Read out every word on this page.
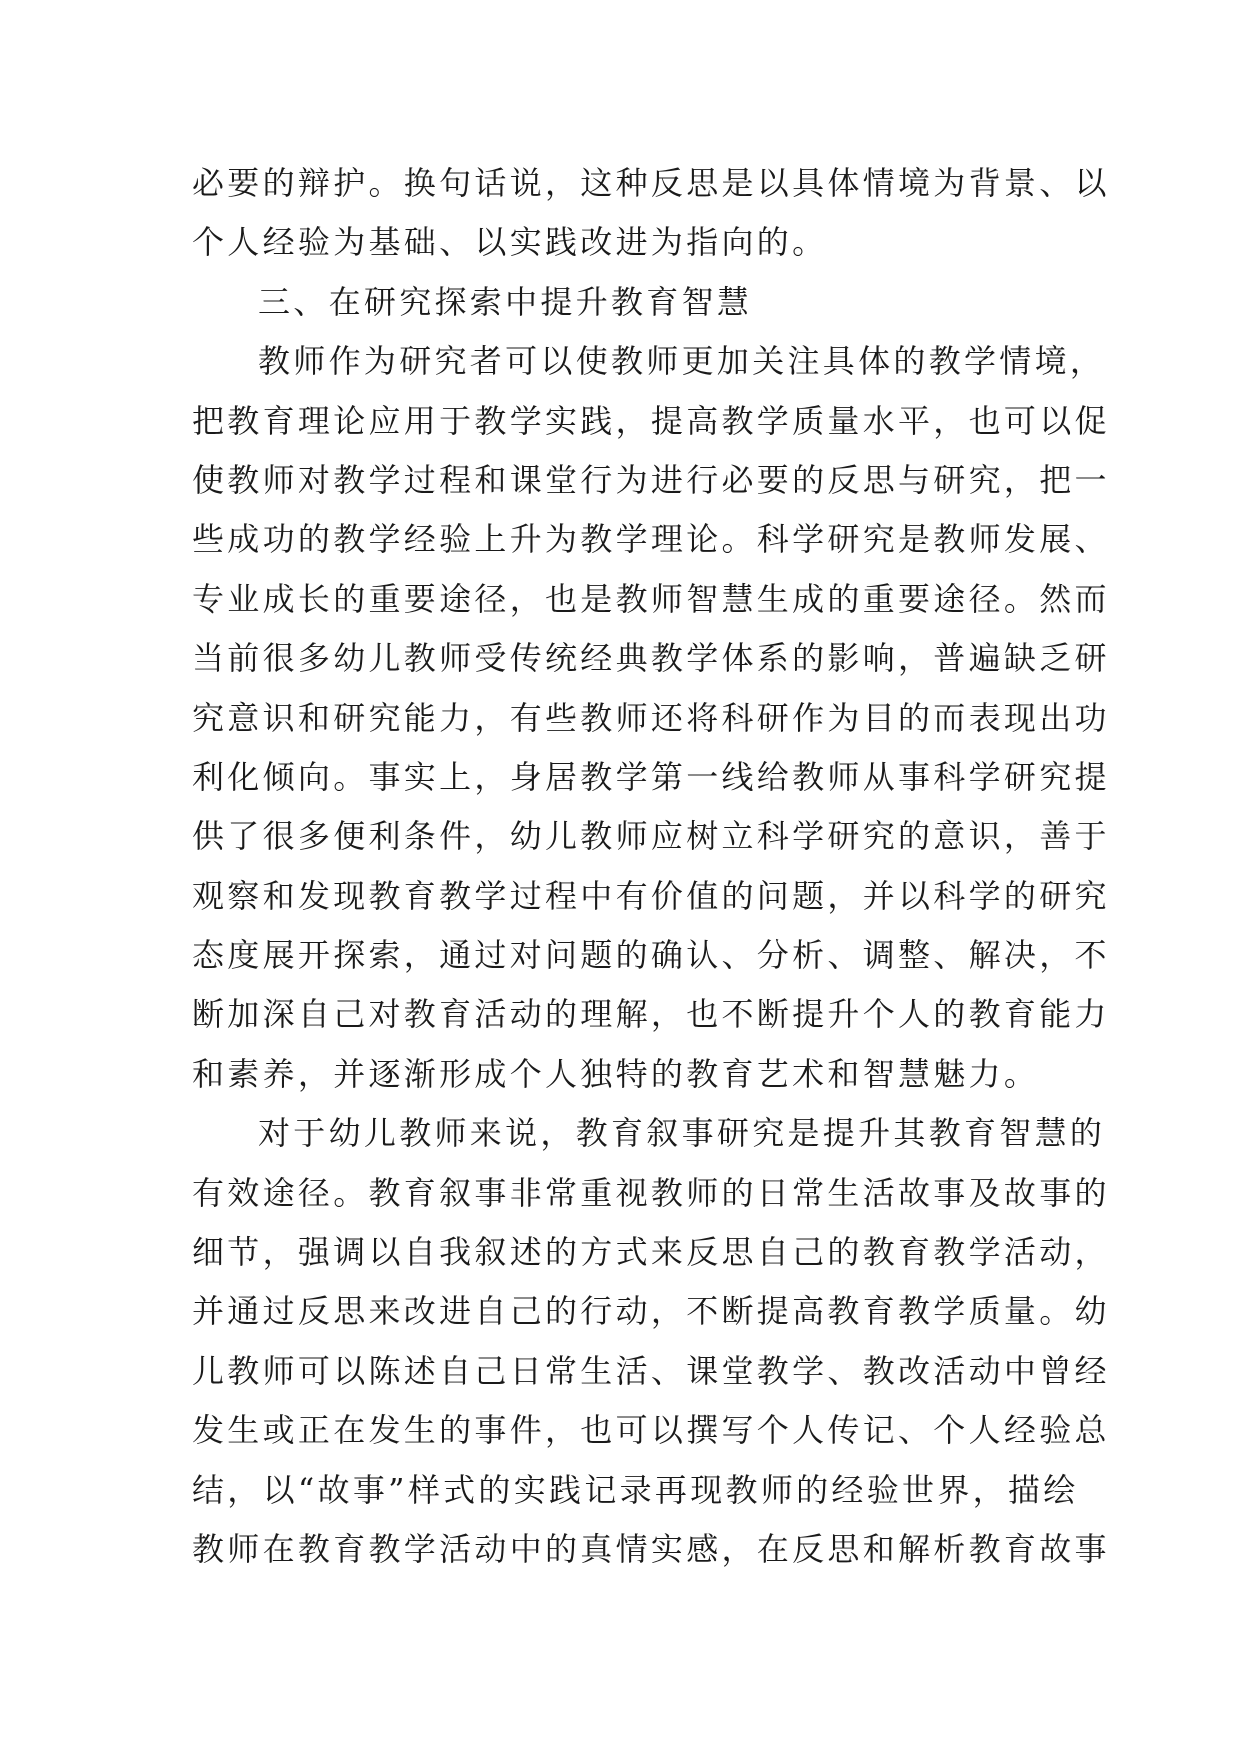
必要的辩护。换句话说，这种反思是以具体情境为背景、以
个人经验为基础、以实践改进为指向的。
三、在研究探索中提升教育智慧
教师作为研究者可以使教师更加关注具体的教学情境，
把教育理论应用于教学实践，提高教学质量水平，也可以促
使教师对教学过程和课堂行为进行必要的反思与研究，把一
些成功的教学经验上升为教学理论。科学研究是教师发展、
专业成长的重要途径，也是教师智慧生成的重要途径。然而
当前很多幼儿教师受传统经典教学体系的影响，普遍缺乏研
究意识和研究能力，有些教师还将科研作为目的而表现出功
利化倾向。事实上，身居教学第一线给教师从事科学研究提
供了很多便利条件，幼儿教师应树立科学研究的意识，善于
观察和发现教育教学过程中有价值的问题，并以科学的研究
态度展开探索，通过对问题的确认、分析、调整、解决，不
断加深自己对教育活动的理解，也不断提升个人的教育能力
和素养，并逐渐形成个人独特的教育艺术和智慧魅力。
对于幼儿教师来说，教育叙事研究是提升其教育智慧的
有效途径。教育叙事非常重视教师的日常生活故事及故事的
细节，强调以自我叙述的方式来反思自己的教育教学活动，
并通过反思来改进自己的行动，不断提高教育教学质量。幼
儿教师可以陈述自己日常生活、课堂教学、教改活动中曾经
发生或正在发生的事件，也可以撰写个人传记、个人经验总
结，以“故事”样式的实践记录再现教师的经验世界，描绘
教师在教育教学活动中的真情实感，在反思和解析教育故事
